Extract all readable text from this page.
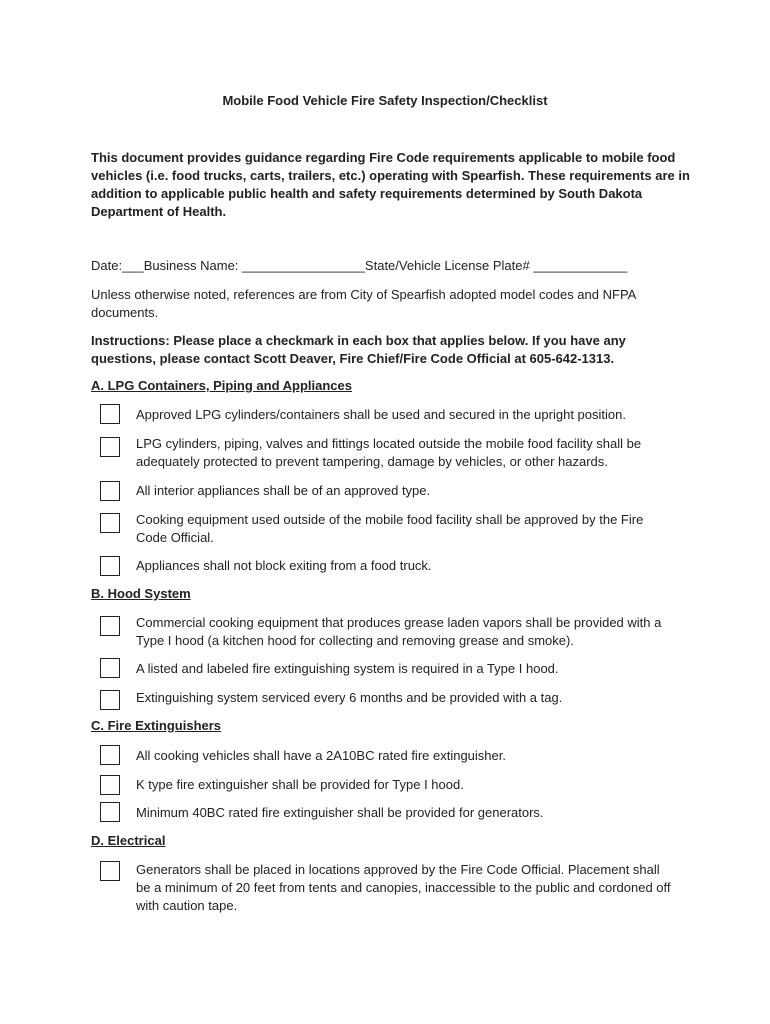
Mobile Food Vehicle Fire Safety Inspection/Checklist
This document provides guidance regarding Fire Code requirements applicable to mobile food vehicles (i.e. food trucks, carts, trailers, etc.) operating with Spearfish. These requirements are in addition to applicable public health and safety requirements determined by South Dakota Department of Health.
Date:___Business Name: _________________State/Vehicle License Plate# _____________
Unless otherwise noted, references are from City of Spearfish adopted model codes and NFPA documents.
Instructions: Please place a checkmark in each box that applies below. If you have any questions, please contact Scott Deaver, Fire Chief/Fire Code Official at 605-642-1313.
A. LPG Containers, Piping and Appliances
Approved LPG cylinders/containers shall be used and secured in the upright position.
LPG cylinders, piping, valves and fittings located outside the mobile food facility shall be adequately protected to prevent tampering, damage by vehicles, or other hazards.
All interior appliances shall be of an approved type.
Cooking equipment used outside of the mobile food facility shall be approved by the Fire Code Official.
Appliances shall not block exiting from a food truck.
B. Hood System
Commercial cooking equipment that produces grease laden vapors shall be provided with a Type I hood (a kitchen hood for collecting and removing grease and smoke).
A listed and labeled fire extinguishing system is required in a Type I hood.
Extinguishing system serviced every 6 months and be provided with a tag.
C. Fire Extinguishers
All cooking vehicles shall have a 2A10BC rated fire extinguisher.
K type fire extinguisher shall be provided for Type I hood.
Minimum 40BC rated fire extinguisher shall be provided for generators.
D. Electrical
Generators shall be placed in locations approved by the Fire Code Official. Placement shall be a minimum of 20 feet from tents and canopies, inaccessible to the public and cordoned off with caution tape.
